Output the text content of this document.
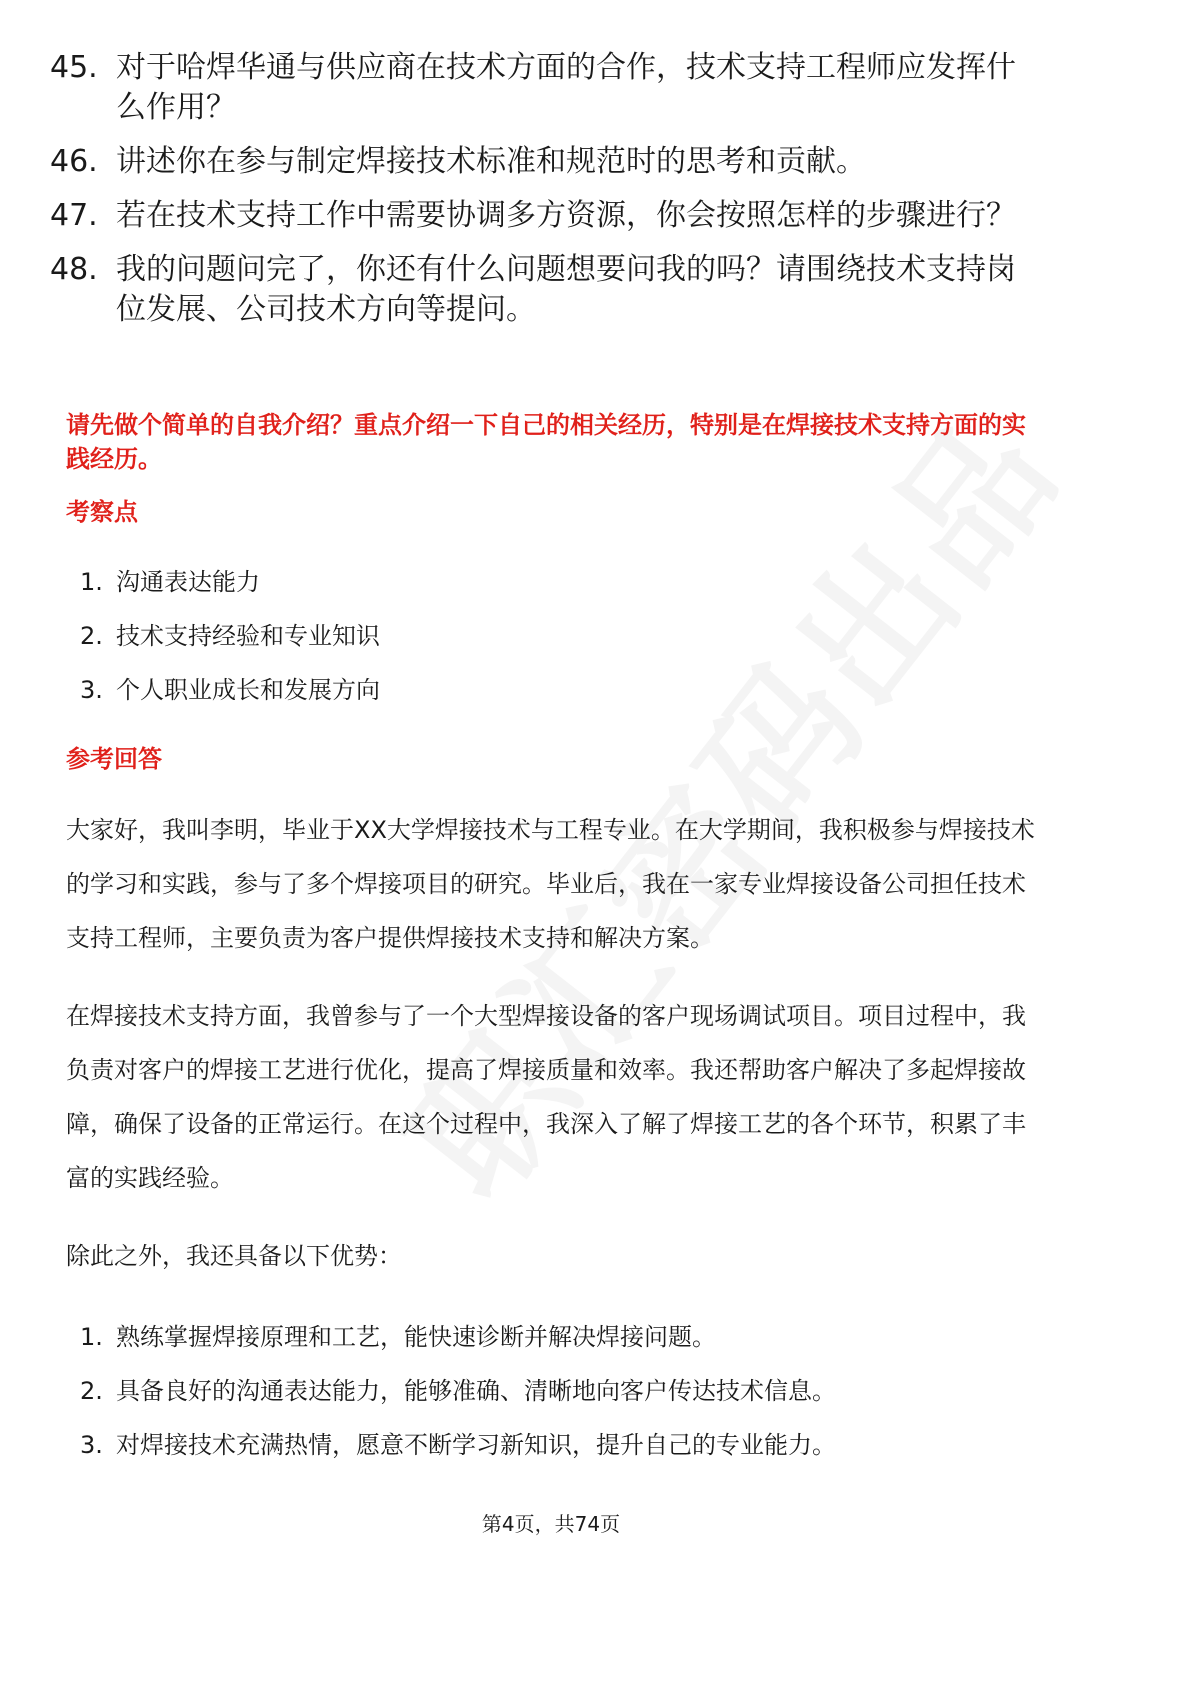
45. 对于哈焊华通与供应商在技术方面的合作，技术支持工程师应发挥什么作用？
46. 讲述你在参与制定焊接技术标准和规范时的思考和贡献。
47. 若在技术支持工作中需要协调多方资源，你会按照怎样的步骤进行？
48. 我的问题问完了，你还有什么问题想要问我的吗？请围绕技术支持岗位发展、公司技术方向等提问。
请先做个简单的自我介绍？重点介绍一下自己的相关经历，特别是在焊接技术支持方面的实践经历。
考察点
1. 沟通表达能力
2. 技术支持经验和专业知识
3. 个人职业成长和发展方向
参考回答
大家好，我叫李明，毕业于XX大学焊接技术与工程专业。在大学期间，我积极参与焊接技术的学习和实践，参与了多个焊接项目的研究。毕业后，我在一家专业焊接设备公司担任技术支持工程师，主要负责为客户提供焊接技术支持和解决方案。
在焊接技术支持方面，我曾参与了一个大型焊接设备的客户现场调试项目。项目过程中，我负责对客户的焊接工艺进行优化，提高了焊接质量和效率。我还帮助客户解决了多起焊接故障，确保了设备的正常运行。在这个过程中，我深入了解了焊接工艺的各个环节，积累了丰富的实践经验。
除此之外，我还具备以下优势：
1. 熟练掌握焊接原理和工艺，能快速诊断并解决焊接问题。
2. 具备良好的沟通表达能力，能够准确、清晰地向客户传达技术信息。
3. 对焊接技术充满热情，愿意不断学习新知识，提升自己的专业能力。
第4页，共74页
